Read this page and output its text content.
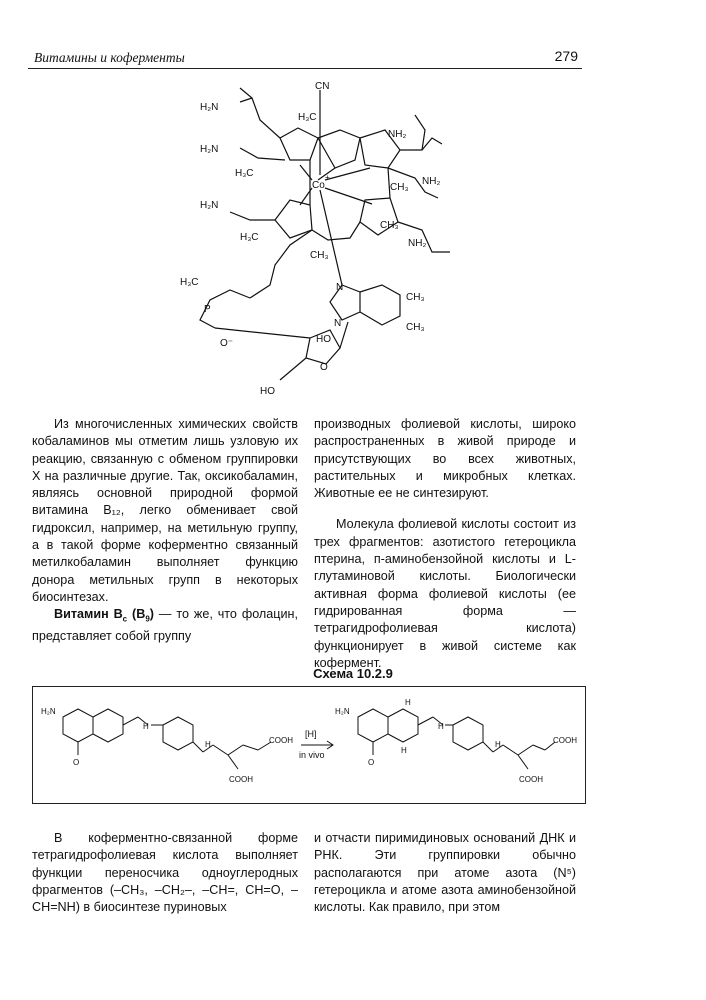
Витамины и коферменты	279
CN
Co
+
H₂N
H₂N
H₂N
NH₂
NH₂
NH₂
H₃C
H₃C
CH₃
CH₃
CH₃
CH₃
CH₃
H₃C
N
N
P
H₃C
O⁻	HO
HO
O

Из многочисленных химических свойств кобаламинов мы отметим лишь узловую их реакцию, связанную с обменом группировки X на различные другие. Так, оксикобаламин, являясь основной природной формой витамина B₁₂, легко обменивает свой гидроксил, например, на метильную группу, а в такой форме коферментно связанный метилкобаламин выполняет функцию донора метильных групп в некоторых биосинтезах.

Витамин $B_c$ $(B_9)$ — то же, что фолацин, представляет собой группу

производных фолиевой кислоты, широко распространенных в живой природе и присутствующих во всех животных, растительных и микробных клетках. Животные ее не синтезируют.

Молекула фолиевой кислоты состоит из трех фрагментов: азотистого гетероцикла птерина, п-аминобензойной кислоты и L-глутаминовой кислоты. Биологически активная форма фолиевой кислоты (ее гидрированная форма — тетрагидрофолиевая кислота) функционирует в живой системе как кофермент.

Схема 10.2.9
H₂N
O
H
H	COOH
COOH
[H]
in vivo
H₂N
O
H
H	COOH
COOH
H
H

В коферментно-связанной форме тетрагидрофолиевая кислота выполняет функции переносчика одноуглеродных фрагментов (–CH₃, –CH₂–, –CH=, CH=O, –CH=NH) в биосинтезе пуриновых

и отчасти пиримидиновых оснований ДНК и РНК. Эти группировки обычно располагаются при атоме азота (N⁵) гетероцикла и атоме азота аминобензойной кислоты. Как правило, при этом
